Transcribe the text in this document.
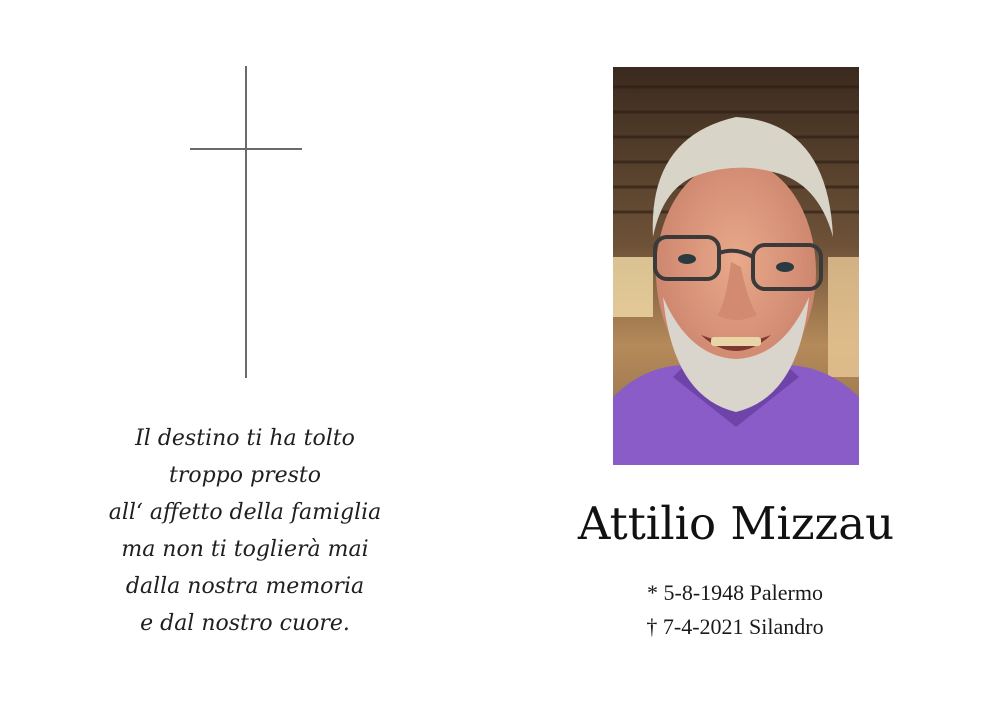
Il destino ti ha tolto
troppo presto
all‘ affetto della famiglia
ma non ti toglierà mai
dalla nostra memoria
e dal nostro cuore.
Attilio Mizzau
* 5-8-1948 Palermo
† 7-4-2021 Silandro
